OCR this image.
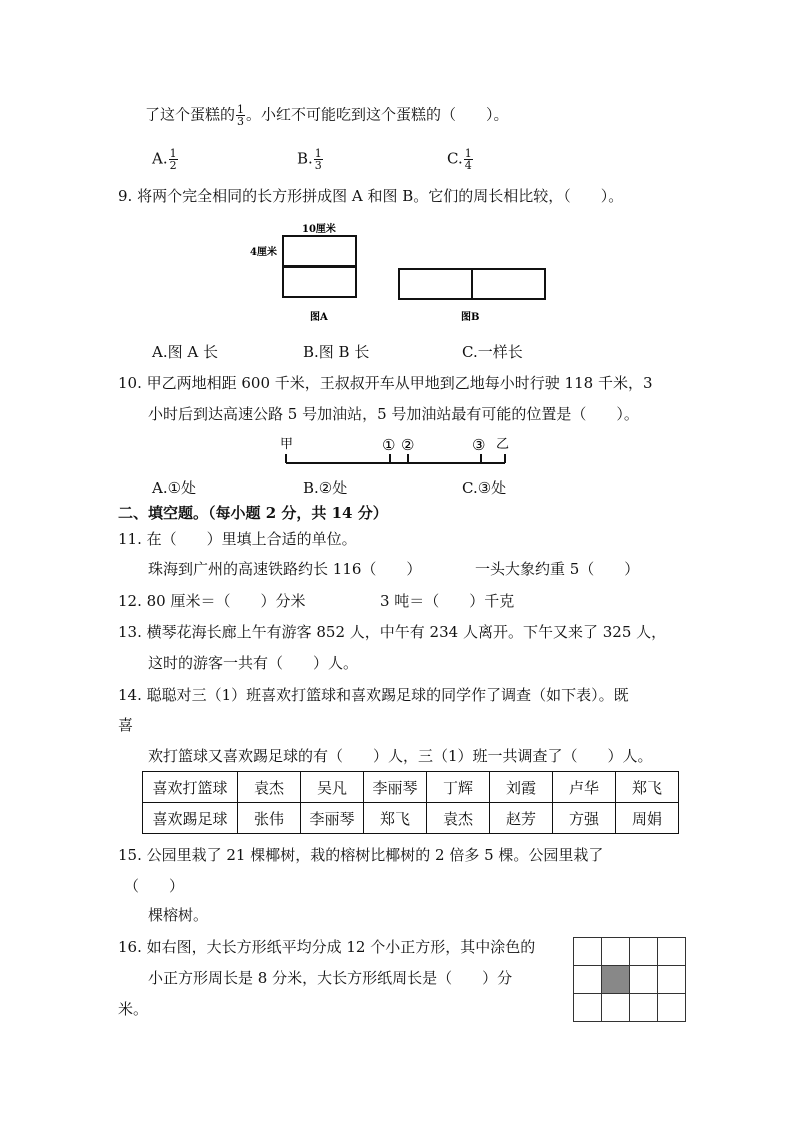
了这个蛋糕的 $\frac{1}{3}$ 。小红不可能吃到这个蛋糕的（　　）。
A. $\frac{1}{2}$	B. $\frac{1}{3}$	C. $\frac{1}{4}$
9. 将两个完全相同的长方形拼成图 A 和图 B。它们的周长相比较，（　　）。
10厘米
4厘米
图A	图B
A.图 A 长	B.图 B 长	C.一样长
10. 甲乙两地相距 600 千米，王叔叔开车从甲地到乙地每小时行驶 118 千米，3
小时后到达高速公路 5 号加油站，5 号加油站最有可能的位置是（　　）。
甲	乙
① ②	③
A.①处	B.②处	C.③处
二、填空题。（每小题 2 分，共 14 分）
11. 在（　　）里填上合适的单位。
珠海到广州的高速铁路约长 116（　　）	一头大象约重 5（　　）
12. 80 厘米＝（　　）分米	3 吨＝（　　）千克
13. 横琴花海长廊上午有游客 852 人，中午有 234 人离开。下午又来了 325 人，
这时的游客一共有（　　）人。
14. 聪聪对三（1）班喜欢打篮球和喜欢踢足球的同学作了调查（如下表）。既
喜
欢打篮球又喜欢踢足球的有（　　）人，三（1）班一共调查了（　　）人。
喜欢打篮球	袁杰	吴凡	李丽琴	丁辉	刘霞	卢华	郑飞
喜欢踢足球	张伟	李丽琴	郑飞	袁杰	赵芳	方强	周娟
15. 公园里栽了 21 棵椰树，栽的榕树比椰树的 2 倍多 5 棵。公园里栽了
（　　）
棵榕树。
16. 如右图，大长方形纸平均分成 12 个小正方形，其中涂色的
小正方形周长是 8 分米，大长方形纸周长是（　　）分
米。
